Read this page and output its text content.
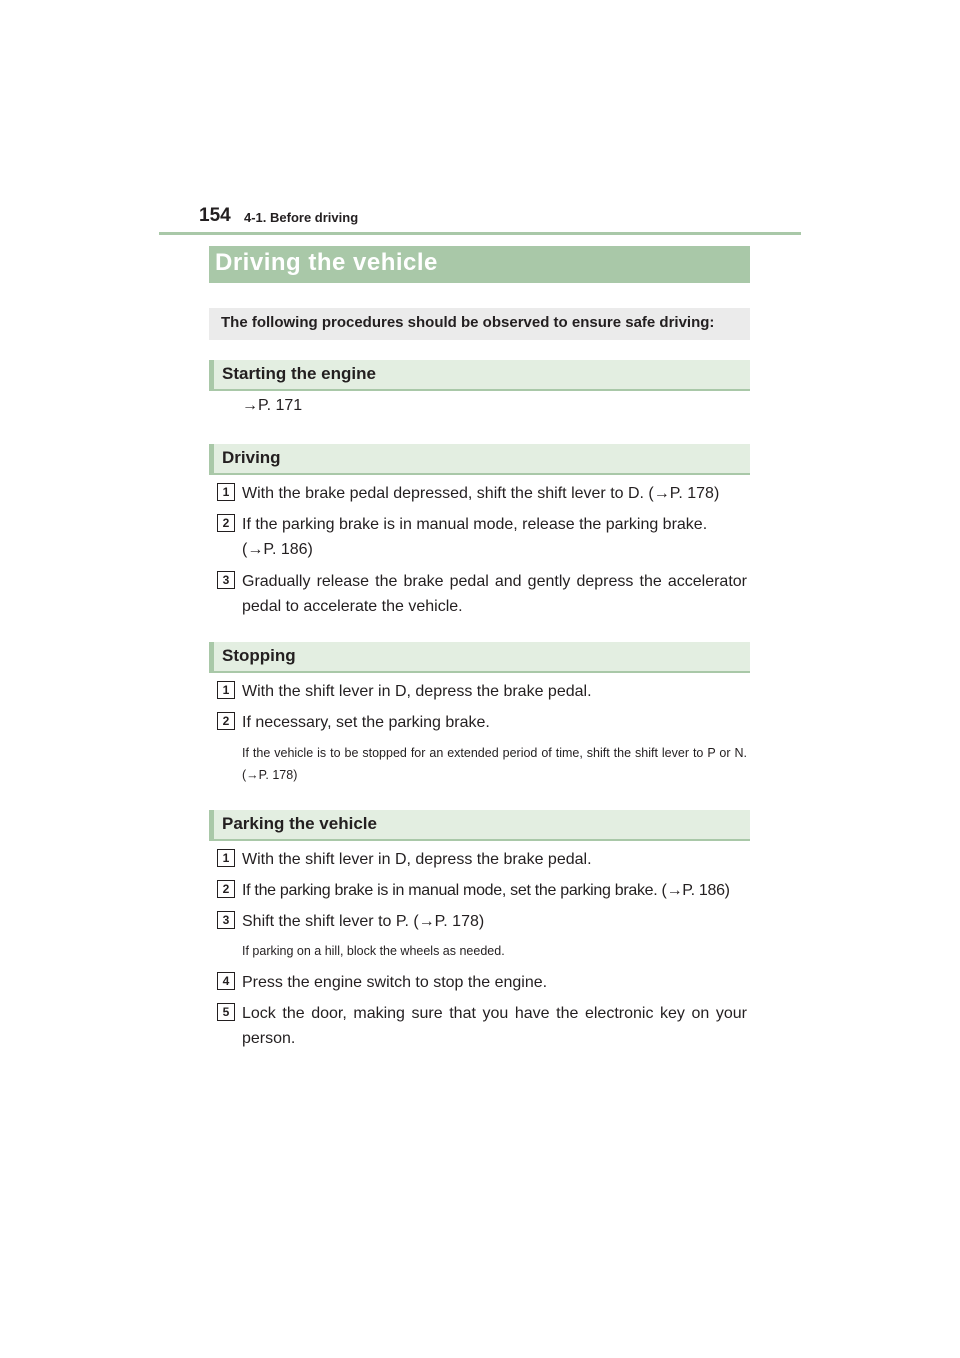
154 4-1. Before driving
Driving the vehicle
The following procedures should be observed to ensure safe driving:
Starting the engine
→P. 171
Driving
1 With the brake pedal depressed, shift the shift lever to D. (→P. 178)
2 If the parking brake is in manual mode, release the parking brake. (→P. 186)
3 Gradually release the brake pedal and gently depress the accelerator pedal to accelerate the vehicle.
Stopping
1 With the shift lever in D, depress the brake pedal.
2 If necessary, set the parking brake.
If the vehicle is to be stopped for an extended period of time, shift the shift lever to P or N. (→P. 178)
Parking the vehicle
1 With the shift lever in D, depress the brake pedal.
2 If the parking brake is in manual mode, set the parking brake. (→P. 186)
3 Shift the shift lever to P. (→P. 178)
If parking on a hill, block the wheels as needed.
4 Press the engine switch to stop the engine.
5 Lock the door, making sure that you have the electronic key on your person.
